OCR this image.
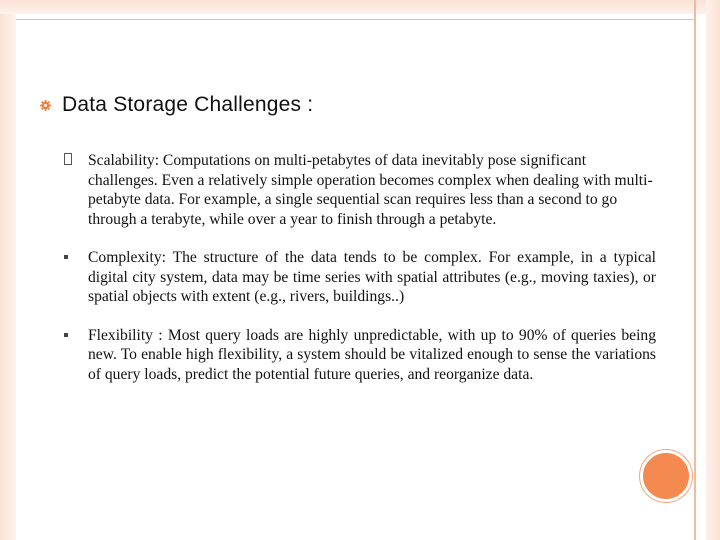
Data Storage Challenges :
Scalability: Computations on multi-petabytes of data inevitably pose significant challenges. Even a relatively simple operation becomes complex when dealing with multi-petabyte data. For example, a single sequential scan requires less than a second to go through a terabyte, while over a year to finish through a petabyte.
Complexity: The structure of the data tends to be complex. For example, in a typical digital city system, data may be time series with spatial attributes (e.g., moving taxies), or spatial objects with extent (e.g., rivers, buildings..)
Flexibility : Most query loads are highly unpredictable, with up to 90% of queries being new. To enable high flexibility, a system should be vitalized enough to sense the variations of query loads, predict the potential future queries, and reorganize data.
